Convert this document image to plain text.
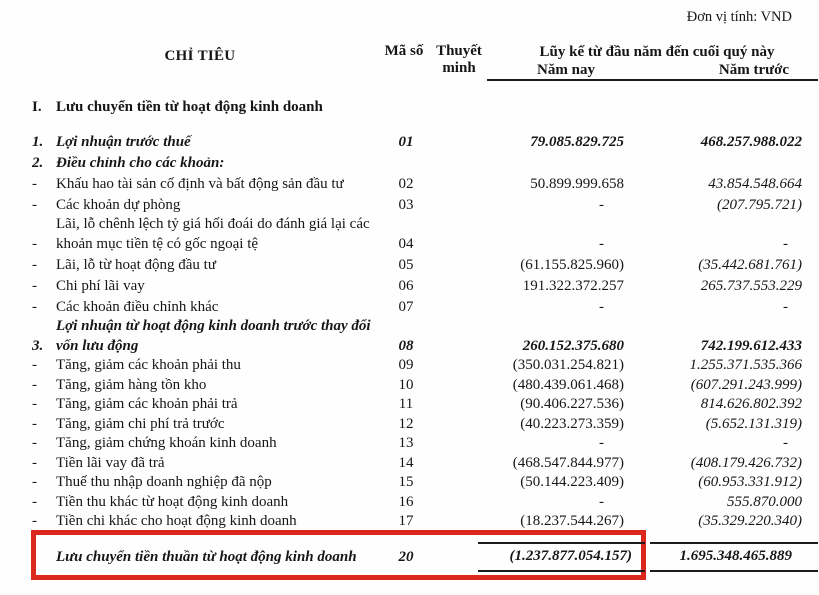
Đơn vị tính: VND
CHỈ TIÊU	Mã số Thuyết minh
Lũy kế từ đầu năm đến cuối quý này
Năm nay	Năm trước
I. Lưu chuyển tiền từ hoạt động kinh doanh
1. Lợi nhuận trước thuế	01	79.085.829.725	468.257.988.022
2. Điều chỉnh cho các khoản:
-	Khấu hao tài sản cố định và bất động sản đầu tư	02	50.899.999.658	43.854.548.664
-	Các khoản dự phòng	03	-	(207.795.721)
-
Lãi, lỗ chênh lệch tỷ giá hối đoái do đánh giá lại các khoản mục tiền tệ có gốc ngoại tệ	04	-	-
-	Lãi, lỗ từ hoạt động đầu tư	05	(61.155.825.960)	(35.442.681.761)
-	Chi phí lãi vay	06	191.322.372.257	265.737.553.229
-	Các khoản điều chỉnh khác	07	-	-
3.
Lợi nhuận từ hoạt động kinh doanh trước thay đổi vốn lưu động	08	260.152.375.680	742.199.612.433
-	Tăng, giảm các khoản phải thu	09	(350.031.254.821)	1.255.371.535.366
-	Tăng, giảm hàng tồn kho	10	(480.439.061.468)	(607.291.243.999)
-	Tăng, giảm các khoản phải trả	11	(90.406.227.536)	814.626.802.392
-	Tăng, giảm chi phí trả trước	12	(40.223.273.359)	(5.652.131.319)
-	Tăng, giảm chứng khoán kinh doanh	13	-	-
-	Tiền lãi vay đã trả	14	(468.547.844.977)	(408.179.426.732)
-	Thuế thu nhập doanh nghiệp đã nộp	15	(50.144.223.409)	(60.953.331.912)
-	Tiền thu khác từ hoạt động kinh doanh	16	-	555.870.000
-	Tiền chi khác cho hoạt động kinh doanh	17	(18.237.544.267)	(35.329.220.340)
Lưu chuyển tiền thuần từ hoạt động kinh doanh	20	(1.237.877.054.157)	1.695.348.465.889
